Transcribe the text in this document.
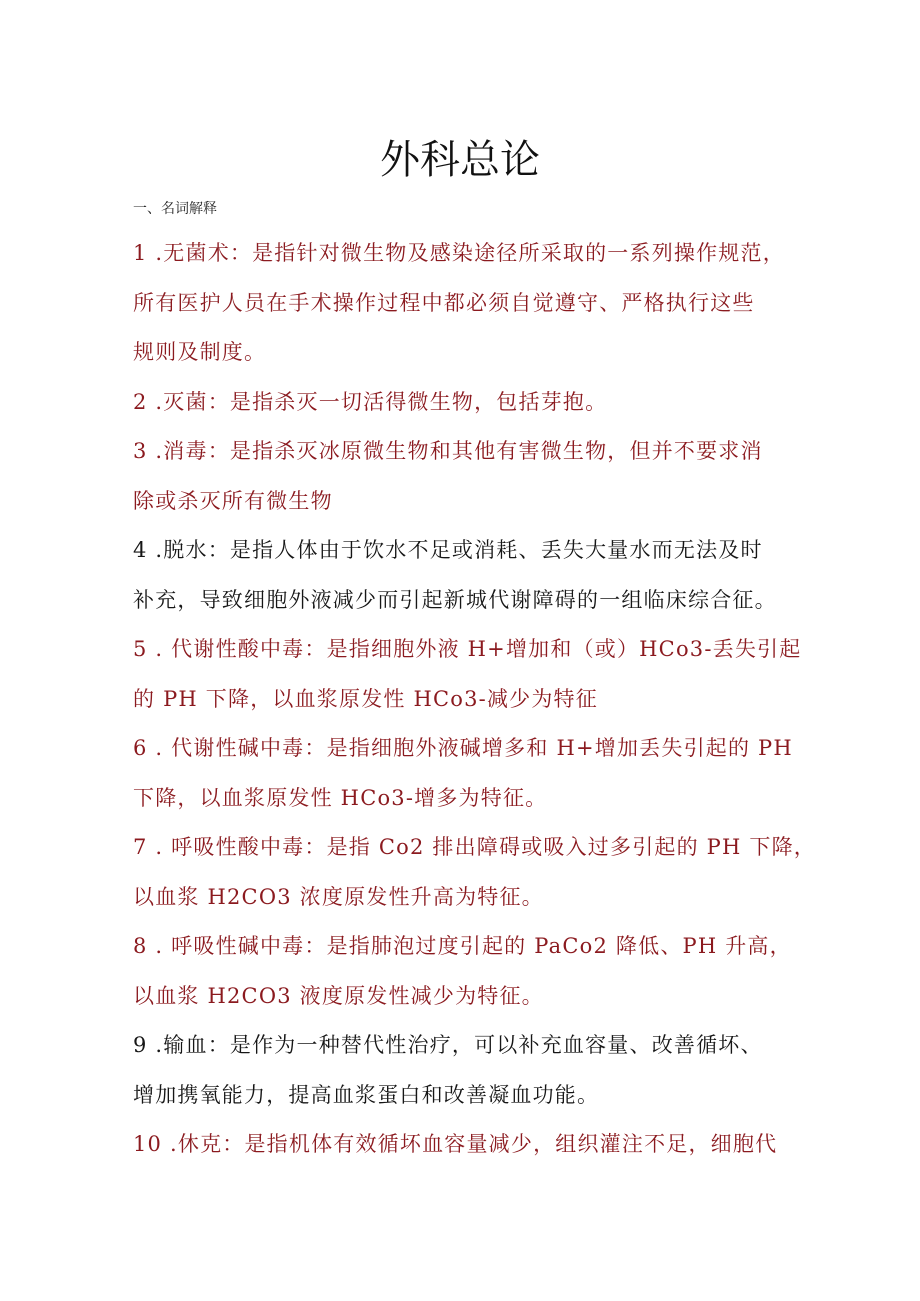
外科总论
一、名词解释

1 .无菌术：是指针对微生物及感染途径所采取的一系列操作规范，
所有医护人员在手术操作过程中都必须自觉遵守、严格执行这些
规则及制度。

2 .灭菌：是指杀灭一切活得微生物，包括芽抱。

3 .消毒：是指杀灭冰原微生物和其他有害微生物，但并不要求消
除或杀灭所有微生物

4 .脱水：是指人体由于饮水不足或消耗、丢失大量水而无法及时
补充，导致细胞外液减少而引起新城代谢障碍的一组临床综合征。

5 . 代谢性酸中毒：是指细胞外液 H+增加和（或）HCo3-丢失引起
的 PH 下降，以血浆原发性 HCo3-减少为特征

6 . 代谢性碱中毒：是指细胞外液碱增多和 H+增加丢失引起的 PH
下降，以血浆原发性 HCo3-增多为特征。

7 . 呼吸性酸中毒：是指 Co2 排出障碍或吸入过多引起的 PH 下降，
以血浆 H2CO3 浓度原发性升高为特征。

8 . 呼吸性碱中毒：是指肺泡过度引起的 PaCo2 降低、PH 升高，
以血浆 H2CO3 液度原发性减少为特征。

9 .输血：是作为一种替代性治疗，可以补充血容量、改善循坏、
增加携氧能力，提高血浆蛋白和改善凝血功能。

10 .休克：是指机体有效循坏血容量减少，组织灌注不足，细胞代
